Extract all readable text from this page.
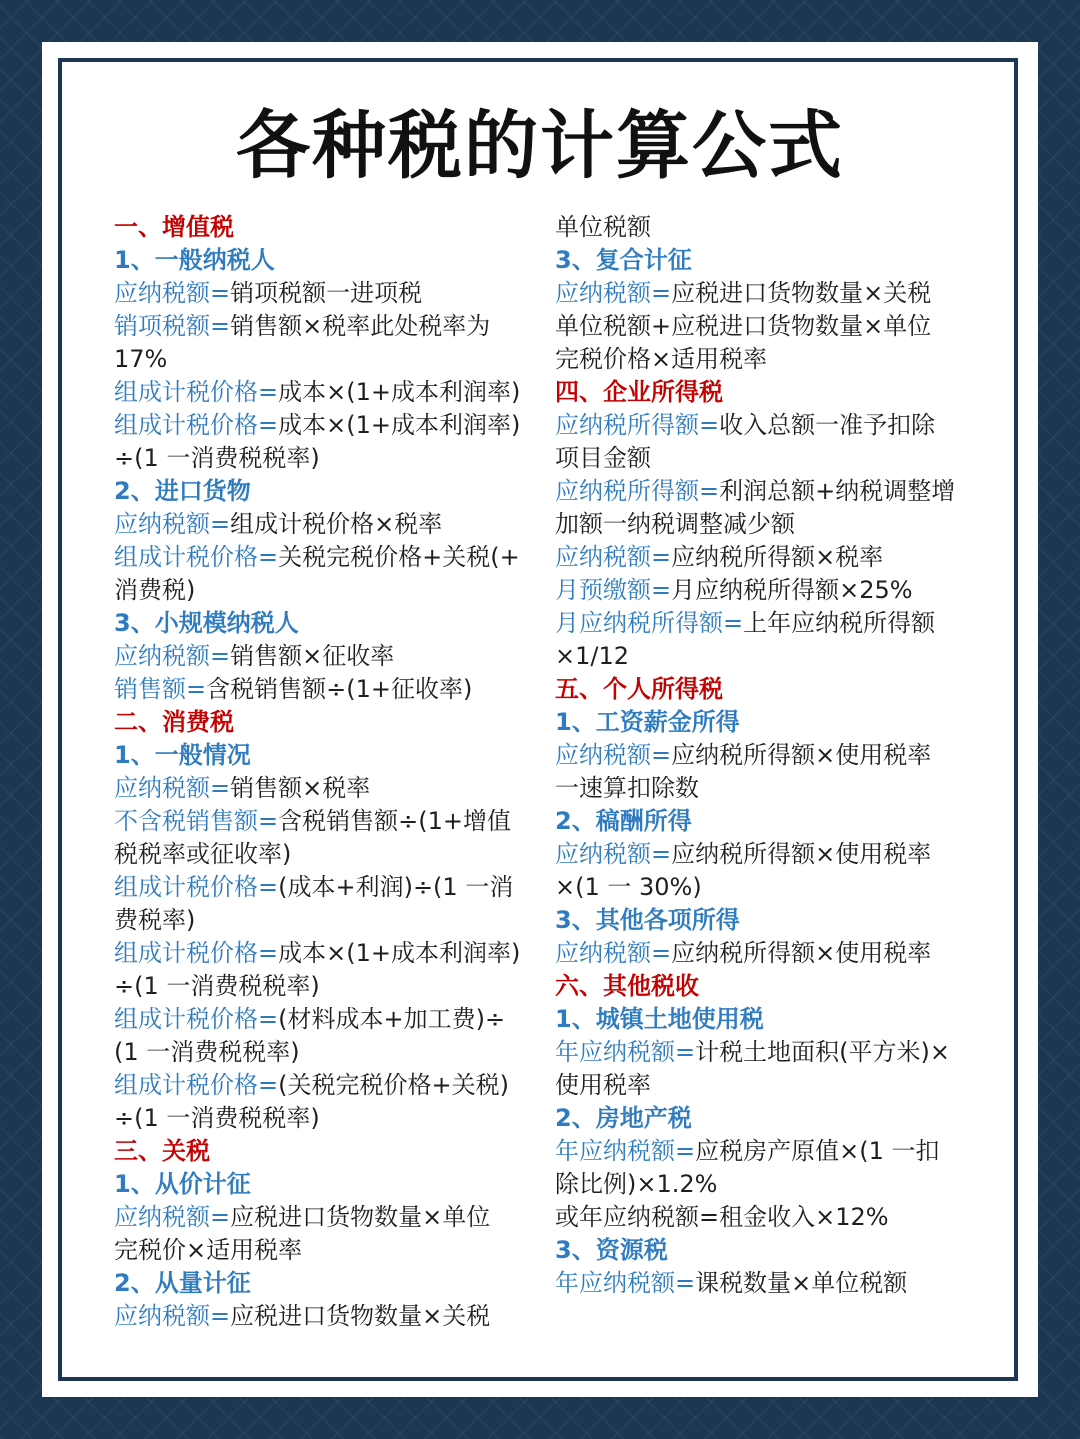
各种税的计算公式
一、增值税
1、一般纳税人
应纳税额=销项税额一进项税
销项税额=销售额×税率此处税率为
17%
组成计税价格=成本×(1+成本利润率)
组成计税价格=成本×(1+成本利润率)
÷(1 一消费税税率)
2、进口货物
应纳税额=组成计税价格×税率
组成计税价格=关税完税价格+关税(+
消费税)
3、小规模纳税人
应纳税额=销售额×征收率
销售额=含税销售额÷(1+征收率)
二、消费税
1、一般情况
应纳税额=销售额×税率
不含税销售额=含税销售额÷(1+增值
税税率或征收率)
组成计税价格=(成本+利润)÷(1 一消
费税率)
组成计税价格=成本×(1+成本利润率)
÷(1 一消费税税率)
组成计税价格=(材料成本+加工费)÷
(1 一消费税税率)
组成计税价格=(关税完税价格+关税)
÷(1 一消费税税率)
三、关税
1、从价计征
应纳税额=应税进口货物数量×单位
完税价×适用税率
2、从量计征
应纳税额=应税进口货物数量×关税
单位税额
3、复合计征
应纳税额=应税进口货物数量×关税
单位税额+应税进口货物数量×单位
完税价格×适用税率
四、企业所得税
应纳税所得额=收入总额一准予扣除
项目金额
应纳税所得额=利润总额+纳税调整增
加额一纳税调整减少额
应纳税额=应纳税所得额×税率
月预缴额=月应纳税所得额×25%
月应纳税所得额=上年应纳税所得额
×1/12
五、个人所得税
1、工资薪金所得
应纳税额=应纳税所得额×使用税率
一速算扣除数
2、稿酬所得
应纳税额=应纳税所得额×使用税率
×(1 一 30%)
3、其他各项所得
应纳税额=应纳税所得额×使用税率
六、其他税收
1、城镇土地使用税
年应纳税额=计税土地面积(平方米)×
使用税率
2、房地产税
年应纳税额=应税房产原值×(1 一扣
除比例)×1.2%
或年应纳税额=租金收入×12%
3、资源税
年应纳税额=课税数量×单位税额
